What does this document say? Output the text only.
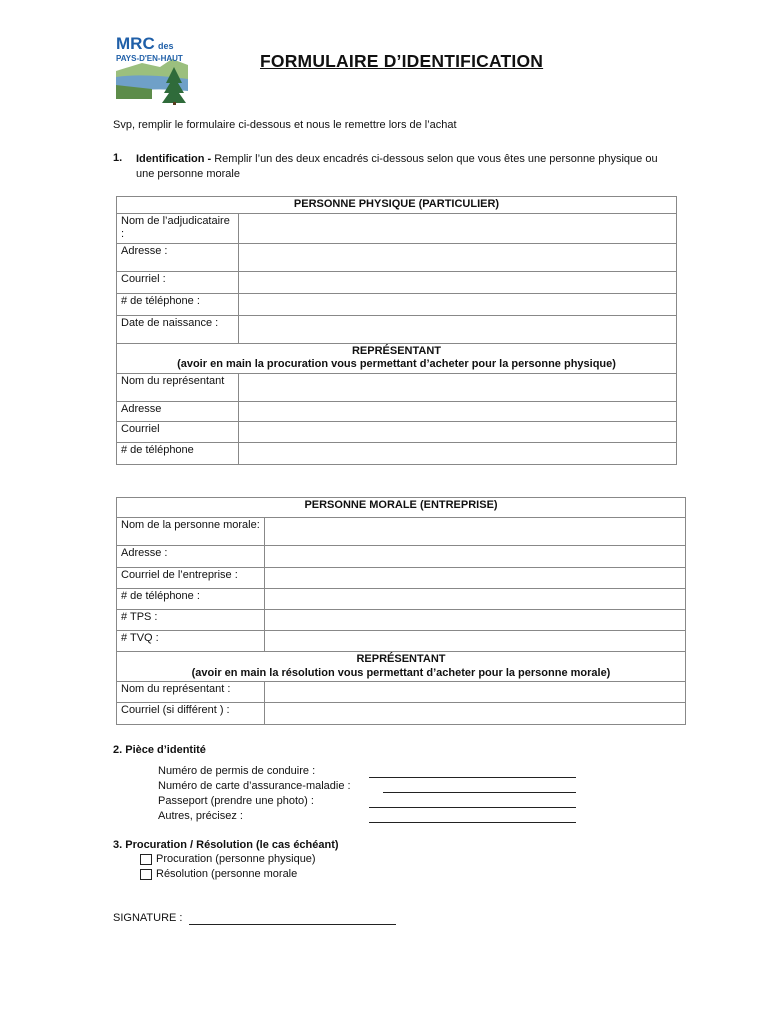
MRC des
PAYS-D'EN-HAUT	FORMULAIRE D’IDENTIFICATION
Svp, remplir le formulaire ci-dessous et nous le remettre lors de l’achat
1. Identification - Remplir l’un des deux encadrés ci-dessous selon que vous êtes une personne physique ou une personne morale
PERSONNE PHYSIQUE (PARTICULIER)	
Nom de l’adjudicataire :	
Adresse :	
Courriel :	
# de téléphone :	
Date de naissance :	

REPRÉSENTANT
(avoir en main la procuration vous permettant d’acheter pour la personne physique)	

Nom du représentant	
Adresse	
Courriel	
# de téléphone	
PERSONNE MORALE (ENTREPRISE)	
Nom de la personne morale:	
Adresse :	
Courriel de l’entreprise :	
# de téléphone :	
# TPS :	
# TVQ :	

REPRÉSENTANT
(avoir en main la résolution vous permettant d’acheter pour la personne morale)	

Nom du représentant :	
Courriel (si différent ) :	
2. Pièce d’identité
Numéro de permis de conduire :
Numéro de carte d’assurance-maladie :
Passeport (prendre une photo) :
Autres, précisez :
3. Procuration / Résolution (le cas échéant)
Procuration (personne physique)
Résolution (personne morale
SIGNATURE :
